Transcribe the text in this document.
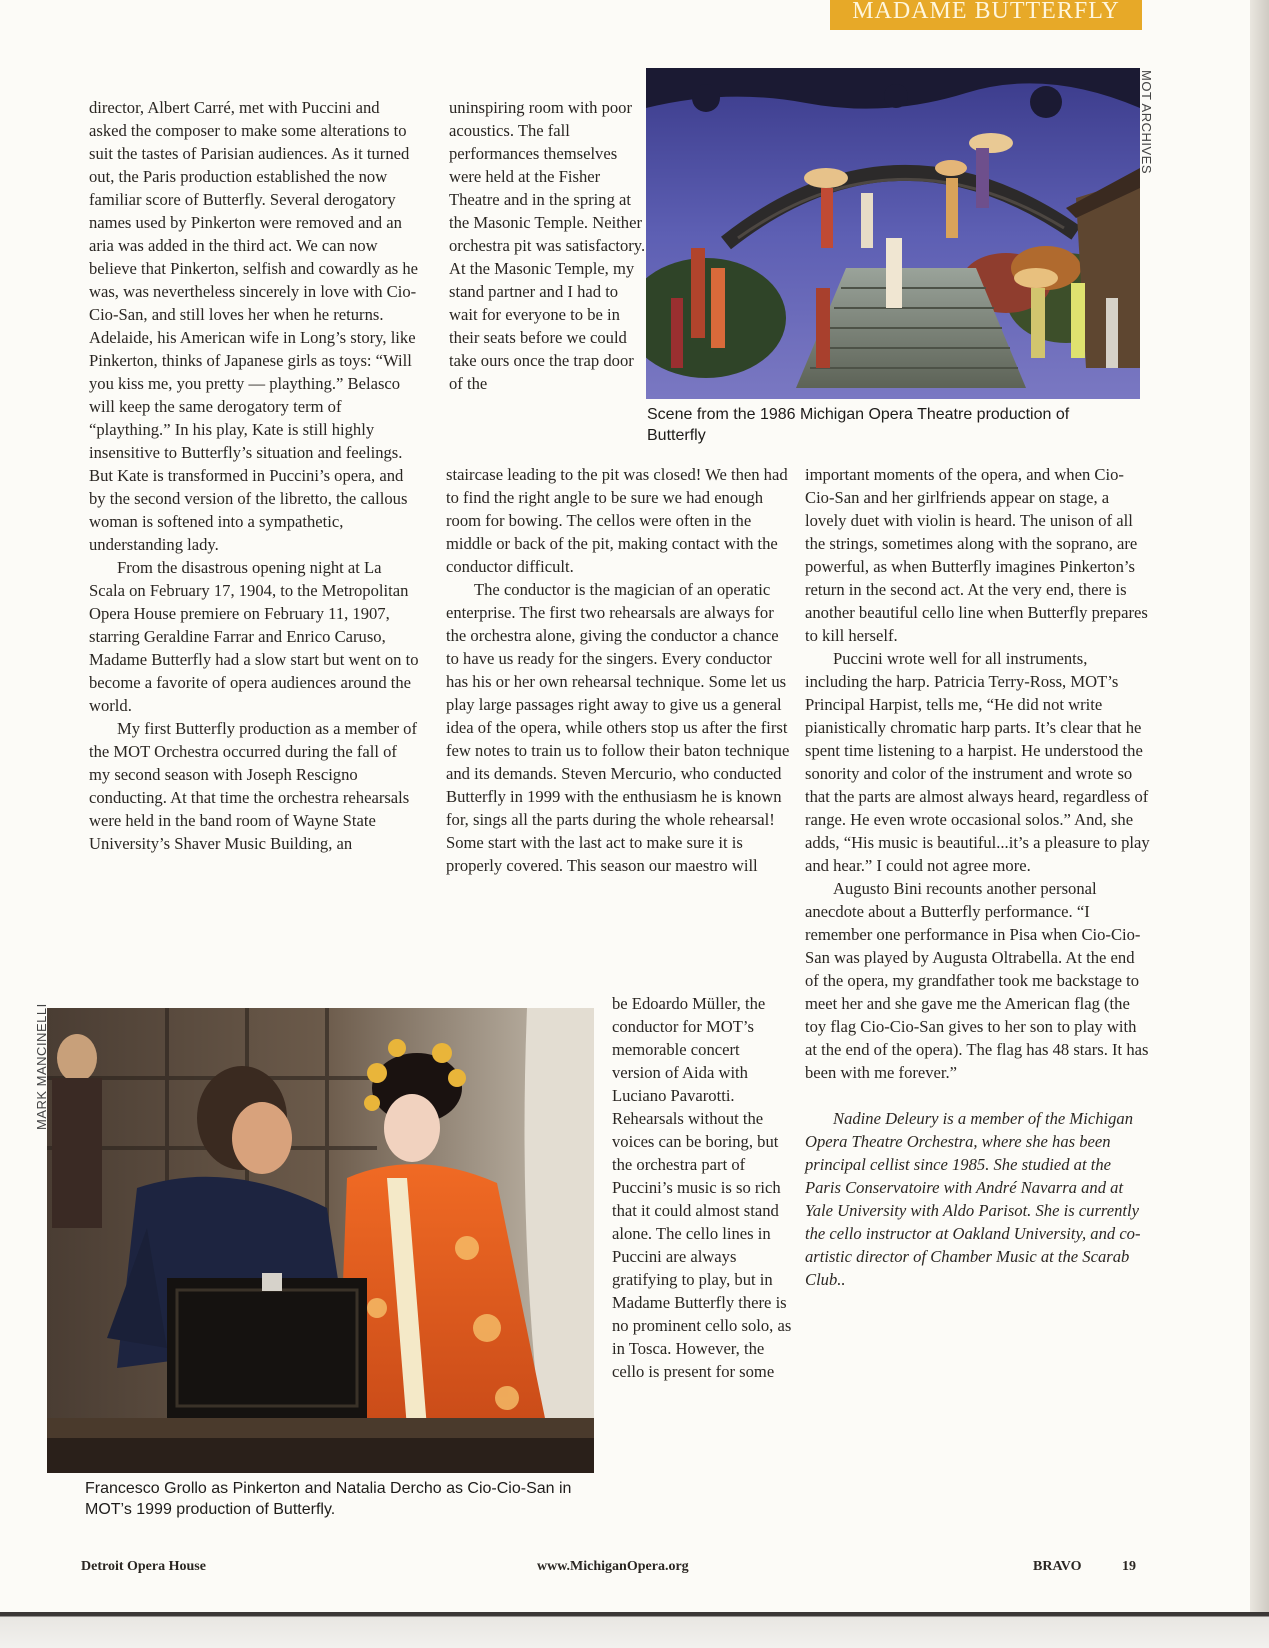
MADAME BUTTERFLY

director, Albert Carré, met with Puccini and asked the composer to make some alterations to suit the tastes of Parisian audiences. As it turned out, the Paris production established the now familiar score of Butterfly. Several derogatory names used by Pinkerton were removed and an aria was added in the third act. We can now believe that Pinkerton, selfish and cowardly as he was, was nevertheless sincerely in love with Cio-Cio-San, and still loves her when he returns. Adelaide, his American wife in Long’s story, like Pinkerton, thinks of Japanese girls as toys: “Will you kiss me, you pretty — plaything.” Belasco will keep the same derogatory term of “plaything.” In his play, Kate is still highly insensitive to Butterfly’s situation and feelings. But Kate is transformed in Puccini’s opera, and by the second version of the libretto, the callous woman is softened into a sympathetic, understanding lady.

From the disastrous opening night at La Scala on February 17, 1904, to the Metropolitan Opera House premiere on February 11, 1907, starring Geraldine Farrar and Enrico Caruso, Madame Butterfly had a slow start but went on to become a favorite of opera audiences around the world.

My first Butterfly production as a member of the MOT Orchestra occurred during the fall of my second season with Joseph Rescigno conducting. At that time the orchestra rehearsals were held in the band room of Wayne State University’s Shaver Music Building, an

uninspiring room with poor acoustics. The fall performances themselves were held at the Fisher Theatre and in the spring at the Masonic Temple. Neither orchestra pit was satisfactory. At the Masonic Temple, my stand partner and I had to wait for everyone to be in their seats before we could take ours once the trap door of the

staircase leading to the pit was closed! We then had to find the right angle to be sure we had enough room for bowing. The cellos were often in the middle or back of the pit, making contact with the conductor difficult.

The conductor is the magician of an operatic enterprise. The first two rehearsals are always for the orchestra alone, giving the conductor a chance to have us ready for the singers. Every conductor has his or her own rehearsal technique. Some let us play large passages right away to give us a general idea of the opera, while others stop us after the first few notes to train us to follow their baton technique and its demands. Steven Mercurio, who conducted Butterfly in 1999 with the enthusiasm he is known for, sings all the parts during the whole rehearsal! Some start with the last act to make sure it is properly covered. This season our maestro will

be Edoardo Müller, the conductor for MOT’s memorable concert version of Aida with Luciano Pavarotti. Rehearsals without the voices can be boring, but the orchestra part of Puccini’s music is so rich that it could almost stand alone. The cello lines in Puccini are always gratifying to play, but in Madame Butterfly there is no prominent cello solo, as in Tosca. However, the cello is present for some

important moments of the opera, and when Cio-Cio-San and her girlfriends appear on stage, a lovely duet with violin is heard. The unison of all the strings, sometimes along with the soprano, are powerful, as when Butterfly imagines Pinkerton’s return in the second act. At the very end, there is another beautiful cello line when Butterfly prepares to kill herself.

Puccini wrote well for all instruments, including the harp. Patricia Terry-Ross, MOT’s Principal Harpist, tells me, “He did not write pianistically chromatic harp parts. It’s clear that he spent time listening to a harpist. He understood the sonority and color of the instrument and wrote so that the parts are almost always heard, regardless of range. He even wrote occasional solos.” And, she adds, “His music is beautiful...it’s a pleasure to play and hear.” I could not agree more.

Augusto Bini recounts another personal anecdote about a Butterfly performance. “I remember one performance in Pisa when Cio-Cio-San was played by Augusta Oltrabella. At the end of the opera, my grandfather took me backstage to meet her and she gave me the American flag (the toy flag Cio-Cio-San gives to her son to play with at the end of the opera). The flag has 48 stars. It has been with me forever.”

Nadine Deleury is a member of the Michigan Opera Theatre Orchestra, where she has been principal cellist since 1985. She studied at the Paris Conservatoire with André Navarra and at Yale University with Aldo Parisot. She is currently the cello instructor at Oakland University, and co-artistic director of Chamber Music at the Scarab Club..

MOT ARCHIVES
Scene from the 1986 Michigan Opera Theatre production of Butterfly
MARK MANCINELLI
Francesco Grollo as Pinkerton and Natalia Dercho as Cio-Cio-San in MOT’s 1999 production of Butterfly.
Detroit Opera House	www.MichiganOpera.org	BRAVO	19
